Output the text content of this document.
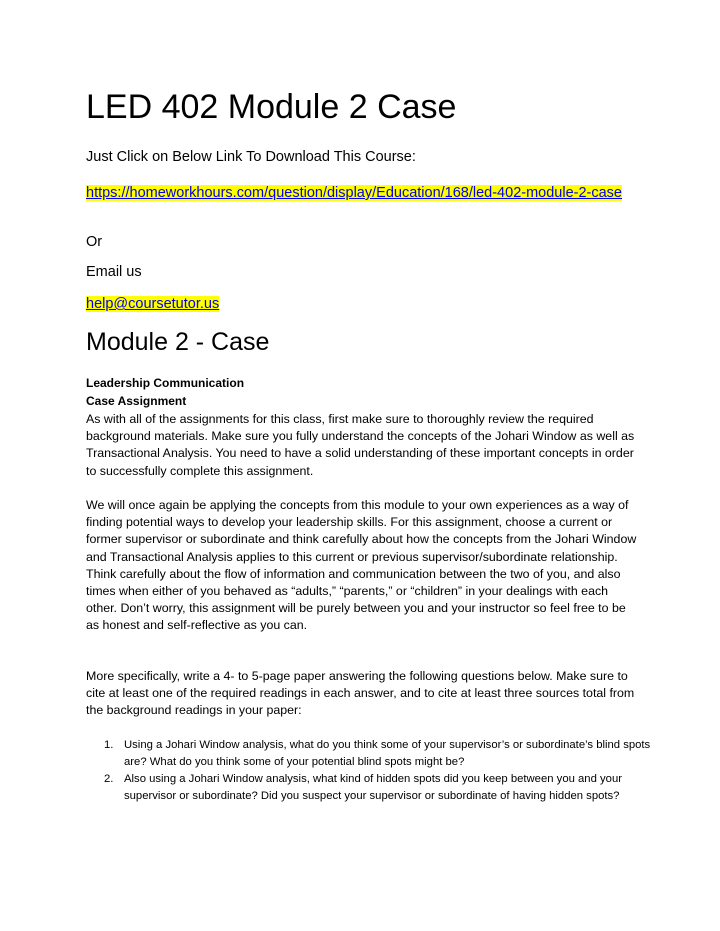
LED 402 Module 2 Case
Just Click on Below Link To Download This Course:
https://homeworkhours.com/question/display/Education/168/led-402-module-2-case
Or
Email us
help@coursetutor.us
Module 2 - Case
Leadership Communication
Case Assignment
As with all of the assignments for this class, first make sure to thoroughly review the required background materials. Make sure you fully understand the concepts of the Johari Window as well as Transactional Analysis. You need to have a solid understanding of these important concepts in order to successfully complete this assignment.
We will once again be applying the concepts from this module to your own experiences as a way of finding potential ways to develop your leadership skills. For this assignment, choose a current or former supervisor or subordinate and think carefully about how the concepts from the Johari Window and Transactional Analysis applies to this current or previous supervisor/subordinate relationship. Think carefully about the flow of information and communication between the two of you, and also times when either of you behaved as “adults,” “parents,” or “children” in your dealings with each other. Don’t worry, this assignment will be purely between you and your instructor so feel free to be as honest and self-reflective as you can.
More specifically, write a 4- to 5-page paper answering the following questions below. Make sure to cite at least one of the required readings in each answer, and to cite at least three sources total from the background readings in your paper:
1. Using a Johari Window analysis, what do you think some of your supervisor’s or subordinate’s blind spots are? What do you think some of your potential blind spots might be?
2. Also using a Johari Window analysis, what kind of hidden spots did you keep between you and your supervisor or subordinate? Did you suspect your supervisor or subordinate of having hidden spots?
